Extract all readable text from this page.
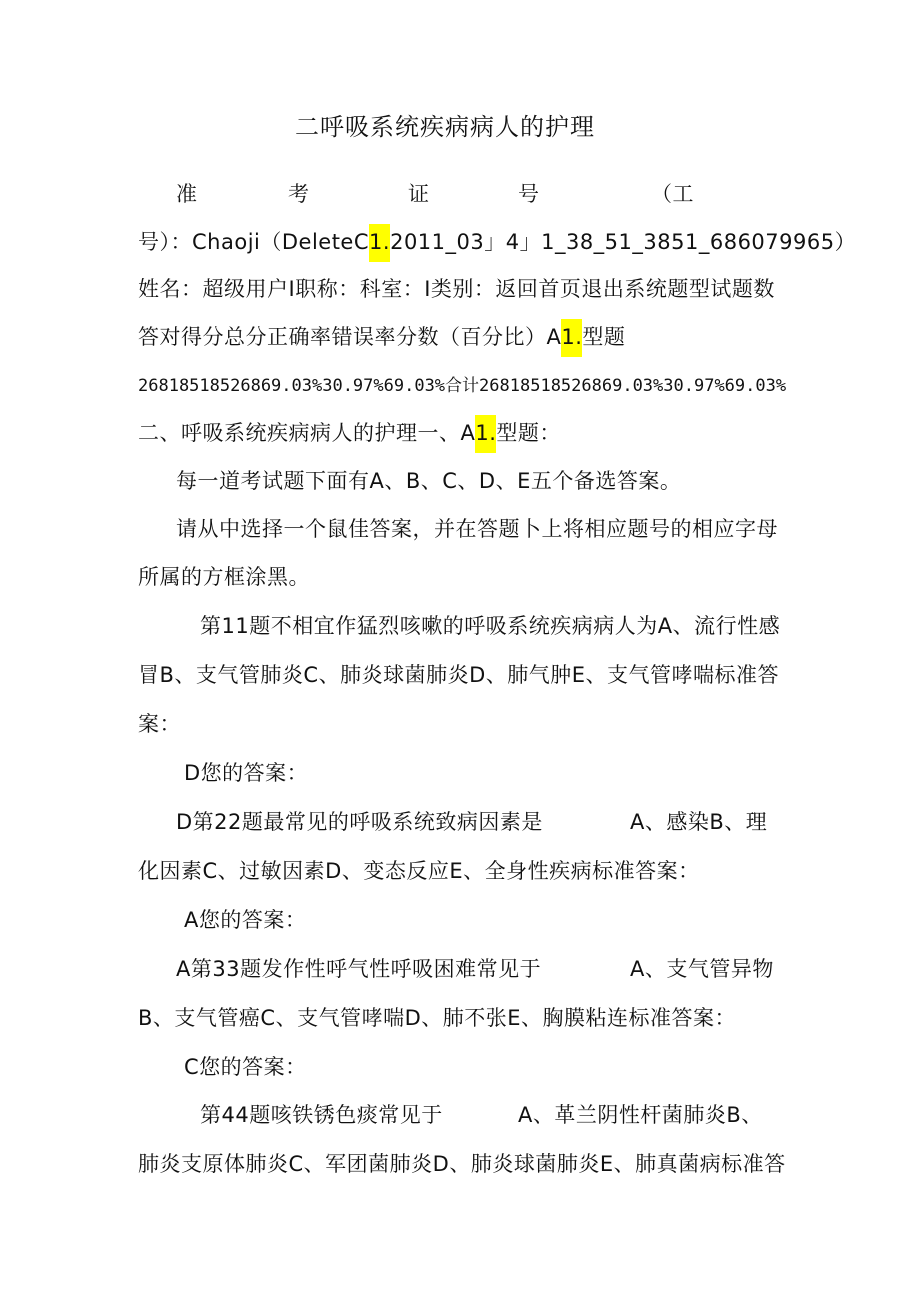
二呼吸系统疾病病人的护理
准	考	证	号	（工
号）：Chaoji（DeleteC1.2011_03」4」1_38_51_3851_686079965）
姓名：超级用户I职称：科室：I类别：返回首页退出系统题型试题数
答对得分总分正确率错误率分数（百分比）A1.型题
26818518526869.03%30.97%69.03%合计26818518526869.03%30.97%69.03%
二、呼吸系统疾病病人的护理一、A1.型题：
每一道考试题下面有A、B、C、D、E五个备选答案。
请从中选择一个鼠佳答案，并在答题卜上将相应题号的相应字母
所属的方框涂黑。
第11题不相宜作猛烈咳嗽的呼吸系统疾病病人为A、流行性感
冒B、支气管肺炎C、肺炎球菌肺炎D、肺气肿E、支气管哮喘标准答
案：
D您的答案：
D第22题最常见的呼吸系统致病因素是	A、感染B、理
化因素C、过敏因素D、变态反应E、全身性疾病标准答案：
A您的答案：
A第33题发作性呼气性呼吸困难常见于	A、支气管异物
B、支气管癌C、支气管哮喘D、肺不张E、胸膜粘连标准答案：
C您的答案：
第44题咳铁锈色痰常见于	A、革兰阴性杆菌肺炎B、
肺炎支原体肺炎C、军团菌肺炎D、肺炎球菌肺炎E、肺真菌病标准答
